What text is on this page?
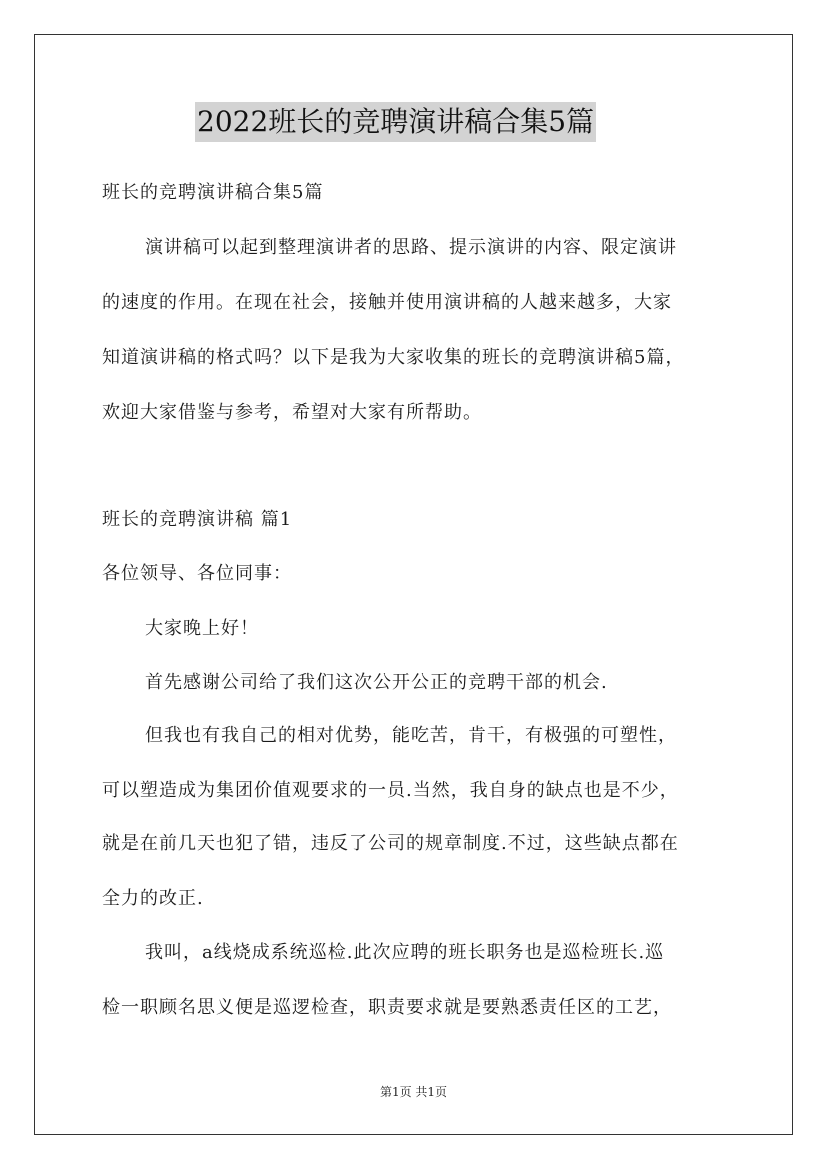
2022班长的竞聘演讲稿合集5篇
班长的竞聘演讲稿合集5篇
演讲稿可以起到整理演讲者的思路、提示演讲的内容、限定演讲
的速度的作用。在现在社会，接触并使用演讲稿的人越来越多，大家
知道演讲稿的格式吗？以下是我为大家收集的班长的竞聘演讲稿5篇，
欢迎大家借鉴与参考，希望对大家有所帮助。
班长的竞聘演讲稿 篇1
各位领导、各位同事：
大家晚上好！
首先感谢公司给了我们这次公开公正的竞聘干部的机会.
但我也有我自己的相对优势，能吃苦，肯干，有极强的可塑性，
可以塑造成为集团价值观要求的一员.当然，我自身的缺点也是不少，
就是在前几天也犯了错，违反了公司的规章制度.不过，这些缺点都在
全力的改正.
我叫，a线烧成系统巡检.此次应聘的班长职务也是巡检班长.巡
检一职顾名思义便是巡逻检查，职责要求就是要熟悉责任区的工艺，
第1页 共1页
